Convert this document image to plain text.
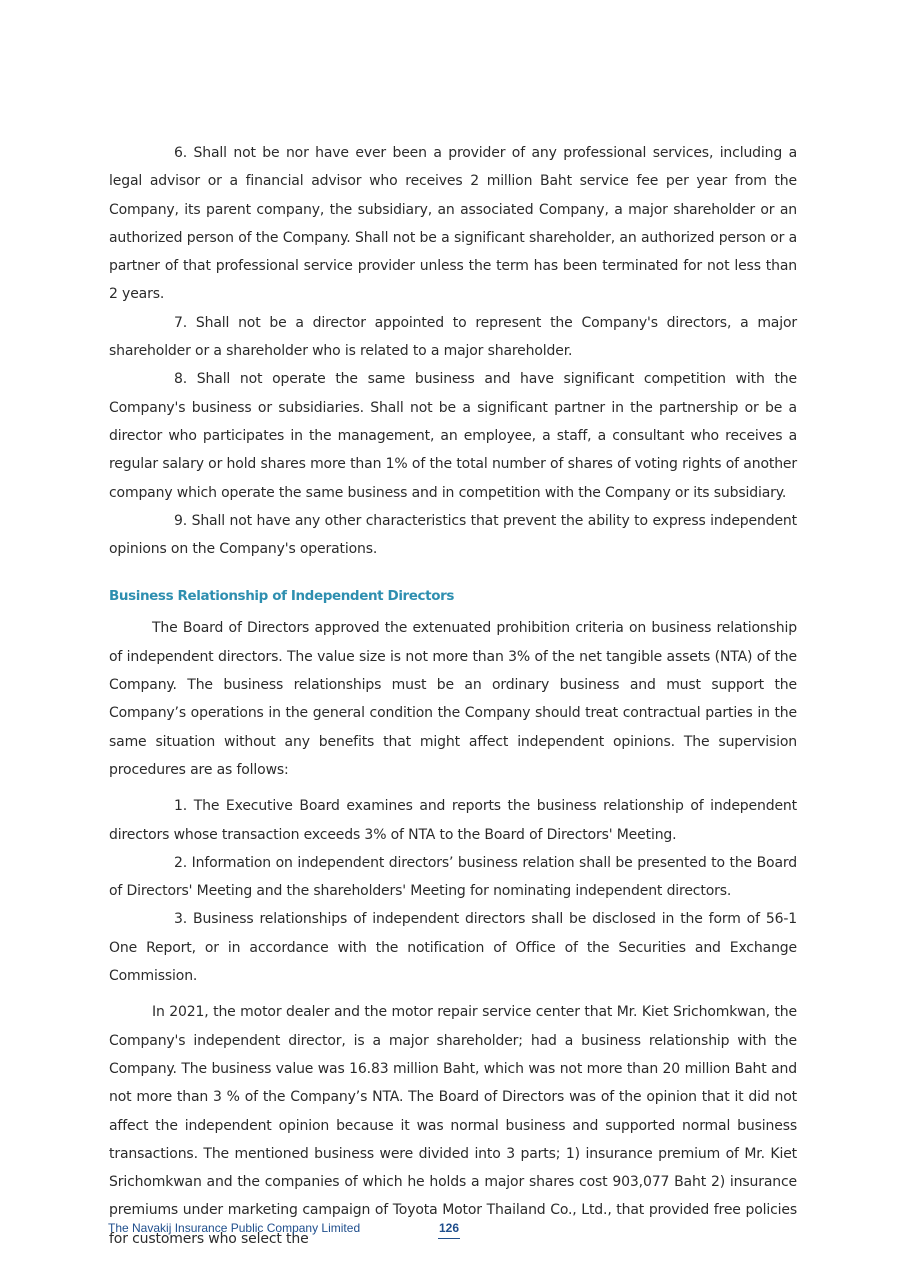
6. Shall not be nor have ever been a provider of any professional services, including a legal advisor or a financial advisor who receives 2 million Baht service fee per year from the Company, its parent company, the subsidiary, an associated Company, a major shareholder or an authorized person of the Company. Shall not be a significant shareholder, an authorized person or a partner of that professional service provider unless the term has been terminated for not less than 2 years.

7. Shall not be a director appointed to represent the Company's directors, a major shareholder or a shareholder who is related to a major shareholder.

8. Shall not operate the same business and have significant competition with the Company's business or subsidiaries. Shall not be a significant partner in the partnership or be a director who participates in the management, an employee, a staff, a consultant who receives a regular salary or hold shares more than 1% of the total number of shares of voting rights of another company which operate the same business and in competition with the Company or its subsidiary.

9. Shall not have any other characteristics that prevent the ability to express independent opinions on the Company's operations.

Business Relationship of Independent Directors

The Board of Directors approved the extenuated prohibition criteria on business relationship of independent directors. The value size is not more than 3% of the net tangible assets (NTA) of the Company. The business relationships must be an ordinary business and must support the Company’s operations in the general condition the Company should treat contractual parties in the same situation without any benefits that might affect independent opinions. The supervision procedures are as follows:

1. The Executive Board examines and reports the business relationship of independent directors whose transaction exceeds 3% of NTA to the Board of Directors' Meeting.

2. Information on independent directors’ business relation shall be presented to the Board of Directors' Meeting and the shareholders' Meeting for nominating independent directors.

3. Business relationships of independent directors shall be disclosed in the form of 56-1 One Report, or in accordance with the notification of Office of the Securities and Exchange Commission.

In 2021, the motor dealer and the motor repair service center that Mr. Kiet Srichomkwan, the Company's independent director, is a major shareholder; had a business relationship with the Company. The business value was 16.83 million Baht, which was not more than 20 million Baht and not more than 3 % of the Company’s NTA. The Board of Directors was of the opinion that it did not affect the independent opinion because it was normal business and supported normal business transactions. The mentioned business were divided into 3 parts; 1) insurance premium of Mr. Kiet Srichomkwan and the companies of which he holds a major shares cost 903,077 Baht 2) insurance premiums under marketing campaign of Toyota Motor Thailand Co., Ltd., that provided free policies for customers who select the

The Navakij Insurance Public Company Limited	126
